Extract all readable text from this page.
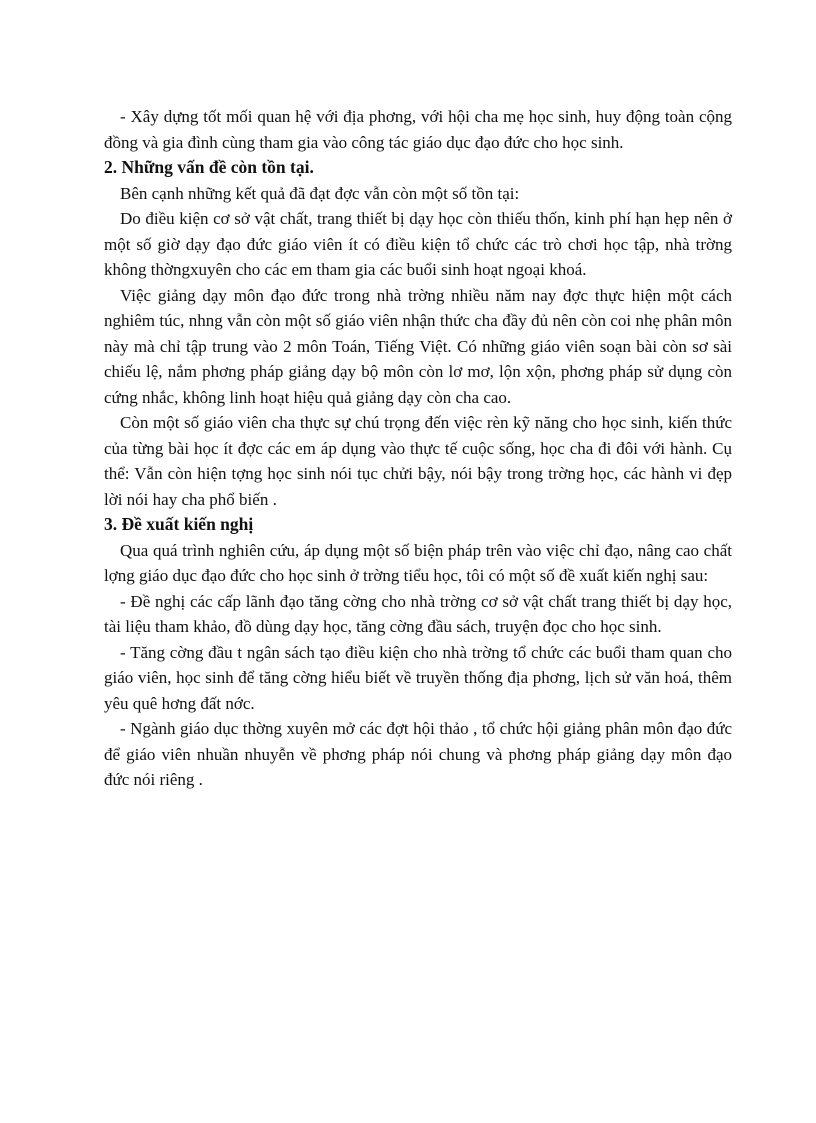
- Xây dựng tốt mối quan hệ với địa phơng, với hội cha mẹ học sinh, huy động toàn cộng đồng và gia đình cùng tham gia vào công tác giáo dục đạo đức cho học sinh.

2. Những vấn đề còn tồn tại.

Bên cạnh những kết quả đã đạt đợc vẫn còn một số tồn tại:

Do điều kiện cơ sở vật chất, trang thiết bị dạy học còn thiếu thốn, kinh phí hạn hẹp nên ở một số giờ dạy đạo đức giáo viên ít có điều kiện tổ chức các trò chơi học tập, nhà trờng không thờngxuyên cho các em tham gia các buổi sinh hoạt ngoại khoá.

Việc giảng dạy môn đạo đức trong nhà trờng nhiều năm nay đợc thực hiện một cách nghiêm túc, nhng vẫn còn một số giáo viên nhận thức cha đầy đủ nên còn coi nhẹ phân môn này mà chỉ tập trung vào 2 môn Toán, Tiếng Việt. Có những giáo viên soạn bài còn sơ sài chiếu lệ, nắm phơng pháp giảng dạy bộ môn còn lơ mơ, lộn xộn, phơng pháp sử dụng còn cứng nhắc, không linh hoạt hiệu quả giảng dạy còn cha cao.

Còn một số giáo viên cha thực sự chú trọng đến việc rèn kỹ năng cho học sinh, kiến thức của từng bài học ít đợc các em áp dụng vào thực tế cuộc sống, học cha đi đôi với hành. Cụ thể: Vẫn còn hiện tợng học sinh nói tục chửi bậy, nói bậy trong trờng học, các hành vi đẹp lời nói hay cha phổ biến .

3. Đề xuất kiến nghị

Qua quá trình nghiên cứu, áp dụng một số biện pháp trên vào việc chỉ đạo, nâng cao chất lợng giáo dục đạo đức cho học sinh ở trờng tiểu học, tôi có một số đề xuất kiến nghị sau:

- Đề nghị các cấp lãnh đạo tăng cờng cho nhà trờng cơ sở vật chất trang thiết bị dạy học, tài liệu tham khảo, đồ dùng dạy học, tăng cờng đầu sách, truyện đọc cho học sinh.

- Tăng cờng đầu t ngân sách tạo điều kiện cho nhà trờng tổ chức các buổi tham quan cho giáo viên, học sinh để tăng cờng hiểu biết về truyền thống địa phơng, lịch sử văn hoá, thêm yêu quê hơng đất nớc.

- Ngành giáo dục thờng xuyên mở các đợt hội thảo , tổ chức hội giảng phân môn đạo đức để giáo viên nhuần nhuyễn về phơng pháp nói chung và phơng pháp giảng dạy môn đạo đức nói riêng .
